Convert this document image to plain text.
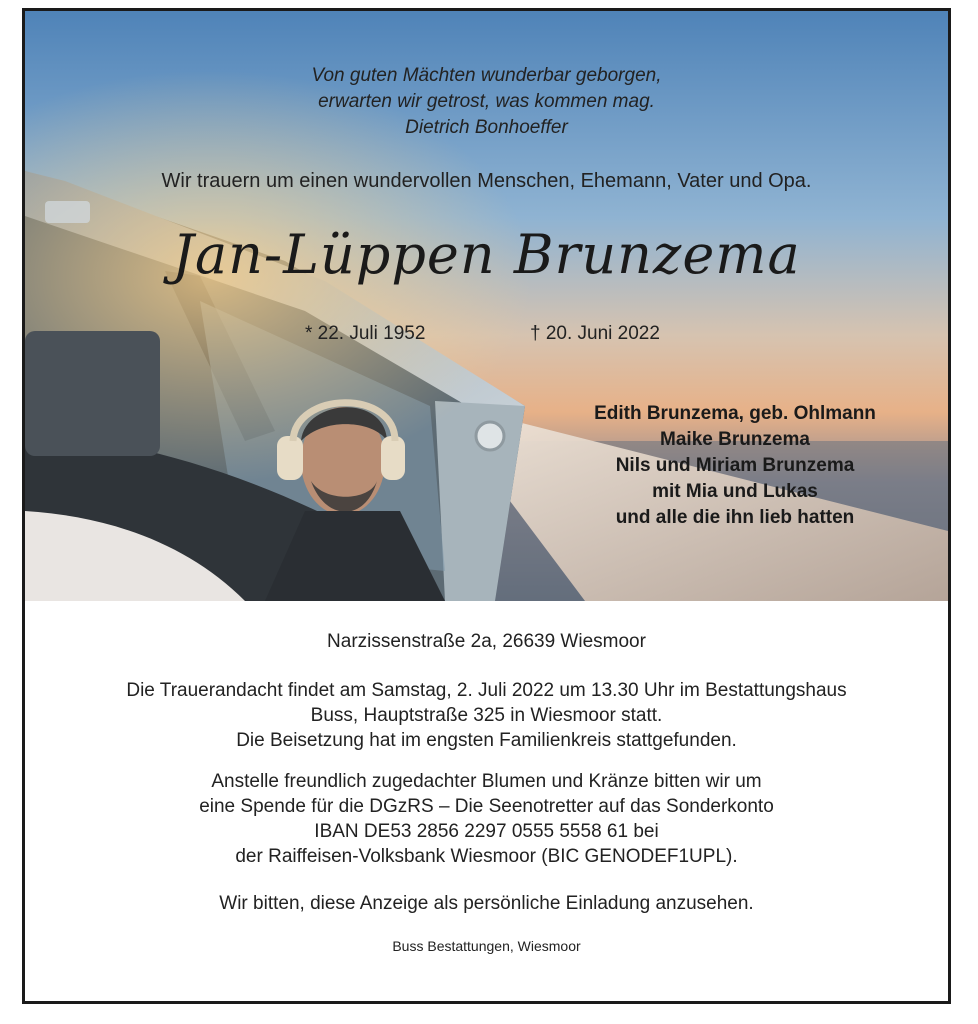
Von guten Mächten wunderbar geborgen,
erwarten wir getrost, was kommen mag.
Dietrich Bonhoeffer
Wir trauern um einen wundervollen Menschen, Ehemann, Vater und Opa.
Jan-Lüppen Brunzema
* 22. Juli 1952	† 20. Juni 2022
Edith Brunzema, geb. Ohlmann
Maike Brunzema
Nils und Miriam Brunzema
mit Mia und Lukas
und alle die ihn lieb hatten
Narzissenstraße 2a, 26639 Wiesmoor
Die Trauerandacht findet am Samstag, 2. Juli 2022 um 13.30 Uhr im Bestattungshaus
Buss, Hauptstraße 325 in Wiesmoor statt.
Die Beisetzung hat im engsten Familienkreis stattgefunden.
Anstelle freundlich zugedachter Blumen und Kränze bitten wir um
eine Spende für die DGzRS – Die Seenotretter auf das Sonderkonto
IBAN DE53 2856 2297 0555 5558 61 bei
der Raiffeisen-Volksbank Wiesmoor (BIC GENODEF1UPL).
Wir bitten, diese Anzeige als persönliche Einladung anzusehen.
Buss Bestattungen, Wiesmoor
